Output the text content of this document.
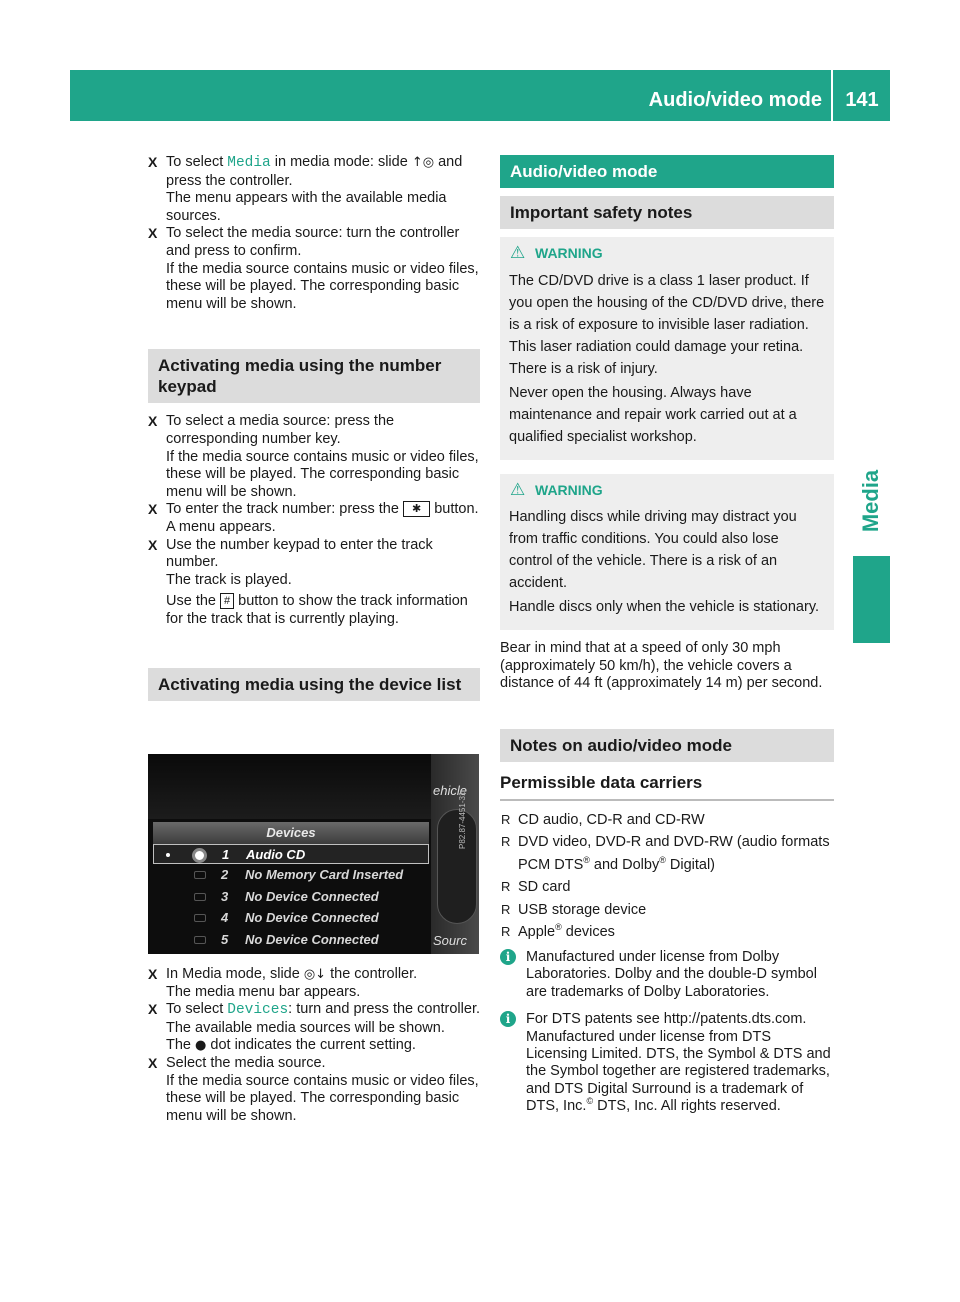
Audio/video mode	141
Media
X To select Media in media mode: slide ↑◎ and press the controller.

The menu appears with the available media sources.

X To select the media source: turn the controller and press to confirm.

If the media source contains music or video files, these will be played. The corresponding basic menu will be shown.

Activating media using the number keypad
X To select a media source: press the corresponding number key.

If the media source contains music or video files, these will be played. The corresponding basic menu will be shown.

X To enter the track number: press the ✱ button.

A menu appears.

X Use the number keypad to enter the track number.

The track is played.

Use the # button to show the track information for the track that is currently playing.

Activating media using the device list
Devices
1 Audio CD
2 No Memory Card Inserted
3 No Device Connected
4 No Device Connected
5 No Device Connected
ehicle
Sourc
P82.87-4451-31
X In Media mode, slide ◎↓ the controller.

The media menu bar appears.

X To select Devices: turn and press the controller.

The available media sources will be shown.

The ● dot indicates the current setting.

X Select the media source.

If the media source contains music or video files, these will be played. The corresponding basic menu will be shown.

Audio/video mode
Important safety notes
⚠ WARNING

The CD/DVD drive is a class 1 laser product. If you open the housing of the CD/DVD drive, there is a risk of exposure to invisible laser radiation. This laser radiation could damage your retina. There is a risk of injury.

Never open the housing. Always have maintenance and repair work carried out at a qualified specialist workshop.

⚠ WARNING

Handling discs while driving may distract you from traffic conditions. You could also lose control of the vehicle. There is a risk of an accident.

Handle discs only when the vehicle is stationary.

Bear in mind that at a speed of only 30 mph (approximately 50 km/h), the vehicle covers a distance of 44 ft (approximately 14 m) per second.

Notes on audio/video mode
Permissible data carriers
R CD audio, CD-R and CD-RW
R DVD video, DVD-R and DVD-RW (audio formats PCM DTS® and Dolby® Digital)
R SD card
R USB storage device
R Apple® devices
i	Manufactured under license from Dolby Laboratories. Dolby and the double-D symbol are trademarks of Dolby Laboratories.

i	For DTS patents see http://patents.dts.com. Manufactured under license from DTS Licensing Limited. DTS, the Symbol & DTS and the Symbol together are registered trademarks, and DTS Digital Surround is a trademark of DTS, Inc.© DTS, Inc. All rights reserved.
